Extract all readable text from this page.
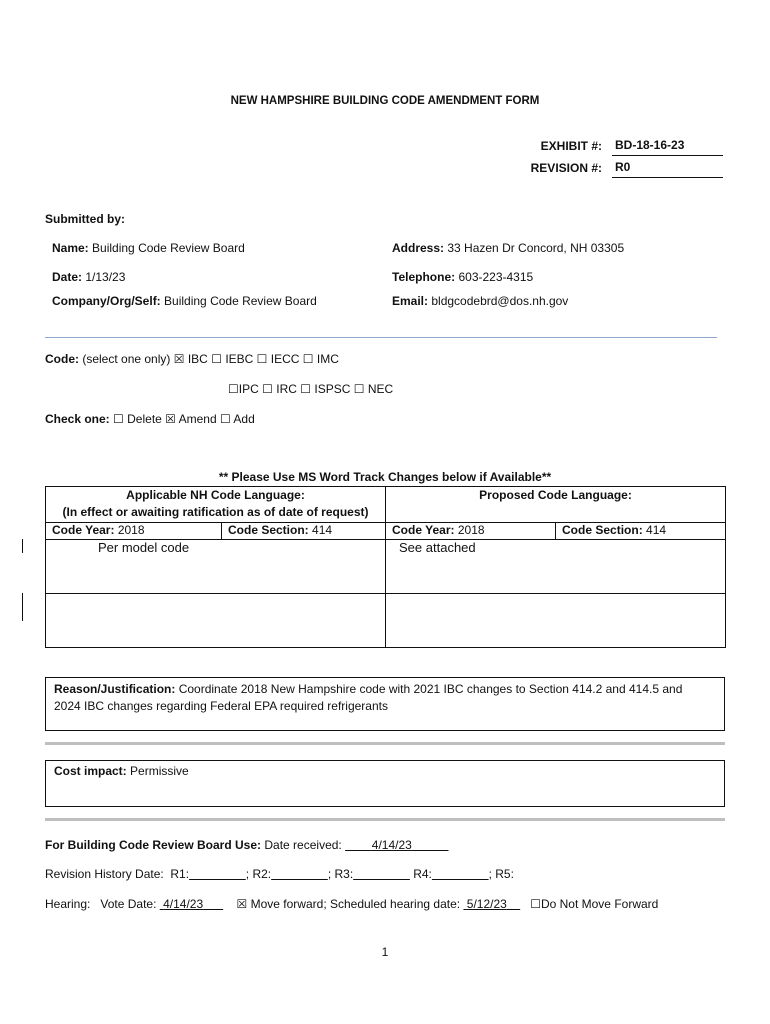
NEW HAMPSHIRE BUILDING CODE AMENDMENT FORM
EXHIBIT #: BD-18-16-23
REVISION #: R0
Submitted by:
Name: Building Code Review Board	Address: 33 Hazen Dr Concord, NH 03305
Date: 1/13/23	Telephone: 603-223-4315
Company/Org/Self: Building Code Review Board	Email: bldgcodebrd@dos.nh.gov
Code: (select one only) ☒ IBC ☐ IEBC ☐ IECC ☐ IMC
☐IPC ☐ IRC ☐ ISPSC ☐ NEC
Check one: ☐ Delete ☒ Amend ☐ Add
** Please Use MS Word Track Changes below if Available**
Applicable NH Code Language:
(In effect or awaiting ratification as of date of request)		Proposed Code Language:	
Code Year: 2018	Code Section: 414	Code Year: 2018	Code Section: 414
Per model code		See attached	

Reason/Justification: Coordinate 2018 New Hampshire code with 2021 IBC changes to Section 414.2 and 414.5 and
2024 IBC changes regarding Federal EPA required refrigerants
Cost impact: Permissive
For Building Code Review Board Use: Date received:	4/14/23
Revision History Date: R1:	; R2:	; R3:	R4:	; R5:
Hearing: Vote Date: 4/14/23	☒ Move forward; Scheduled hearing date: 5/12/23 ☐Do Not Move Forward
1
